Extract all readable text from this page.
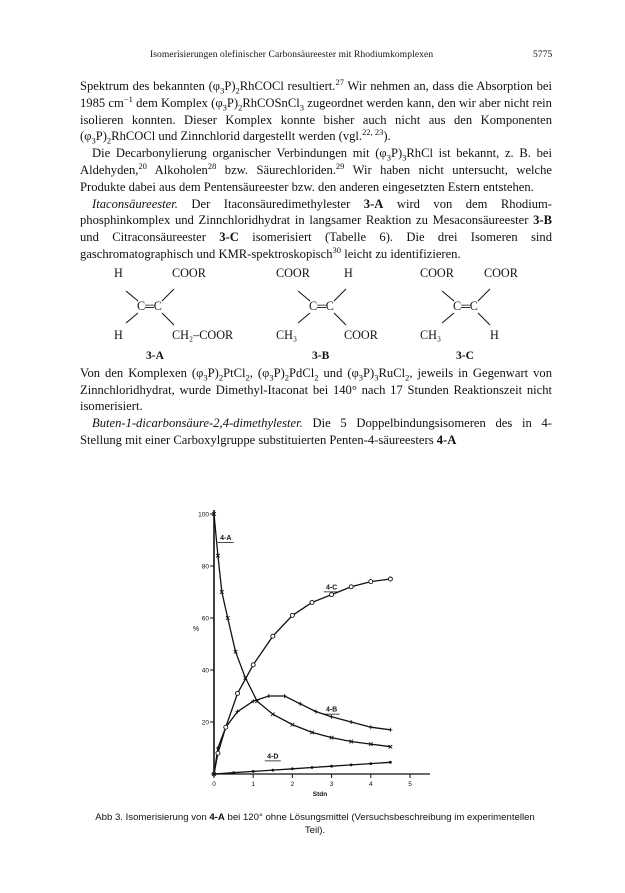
Isomerisierungen olefinischer Carbonsäureester mit Rhodiumkomplexen	5775

Spektrum des bekannten $(\varphi_3P)_2RhCOCl$ resultiert.$^{27}$ Wir nehmen an, dass die Absorption bei 1985 $cm^{-1}$ dem Komplex $(\varphi_3P)_2RhCOSnCl_3$ zugeordnet werden kann, den wir aber nicht rein isolieren konnten. Dieser Komplex konnte bisher auch nicht aus den Komponenten $(\varphi_3P)_2RhCOCl$ und Zinnchlorid dargestellt werden (vgl.$^{22, 23}$).

Die Decarbonylierung organischer Verbindungen mit $(\varphi_3P)_3RhCl$ ist bekannt, z. B. bei Aldehyden,$^{20}$ Alkoholen$^{28}$ bzw. Säurechloriden.$^{29}$ Wir haben nicht untersucht, welche Produkte dabei aus dem Pentensäureester bzw. den anderen eingesetzten Estern entstehen.

Itaconsäureester. Der Itaconsäuredimethylester 3-A wird von dem Rhodium-phosphinkomplex und Zinnchloridhydrat in langsamer Reaktion zu Mesaconsäureester 3-B und Citraconsäureester 3-C isomerisiert (Tabelle 6). Die drei Isomeren sind gaschromatographisch und KMR-spektroskopisch$^{30}$ leicht zu identifizieren.

H	COOR
C═C
H	CH₂–COOR
3-A
COOR	H
C═C
CH₃	COOR
3-B
COOR COOR
C═C
CH₃	H
3-C

Von den Komplexen $(\varphi_3P)_2PtCl_2$, $(\varphi_3P)_2PdCl_2$ und $(\varphi_3P)_3RuCl_2$, jeweils in Gegenwart von Zinnchloridhydrat, wurde Dimethyl-Itaconat bei 140° nach 17 Stunden Reaktionszeit nicht isomerisiert.

Buten-1-dicarbonsäure-2,4-dimethylester. Die 5 Doppelbindungsisomeren des in 4-Stellung mit einer Carboxylgruppe substituierten Penten-4-säureesters 4-A

20
40
60
80
100
0	1	2	3	4	5
Stdn
%
4-A
4-B
4-C
4-D
Abb 3. Isomerisierung von 4-A bei 120° ohne Lösungsmittel (Versuchsbeschreibung im experimentellen Teil).
